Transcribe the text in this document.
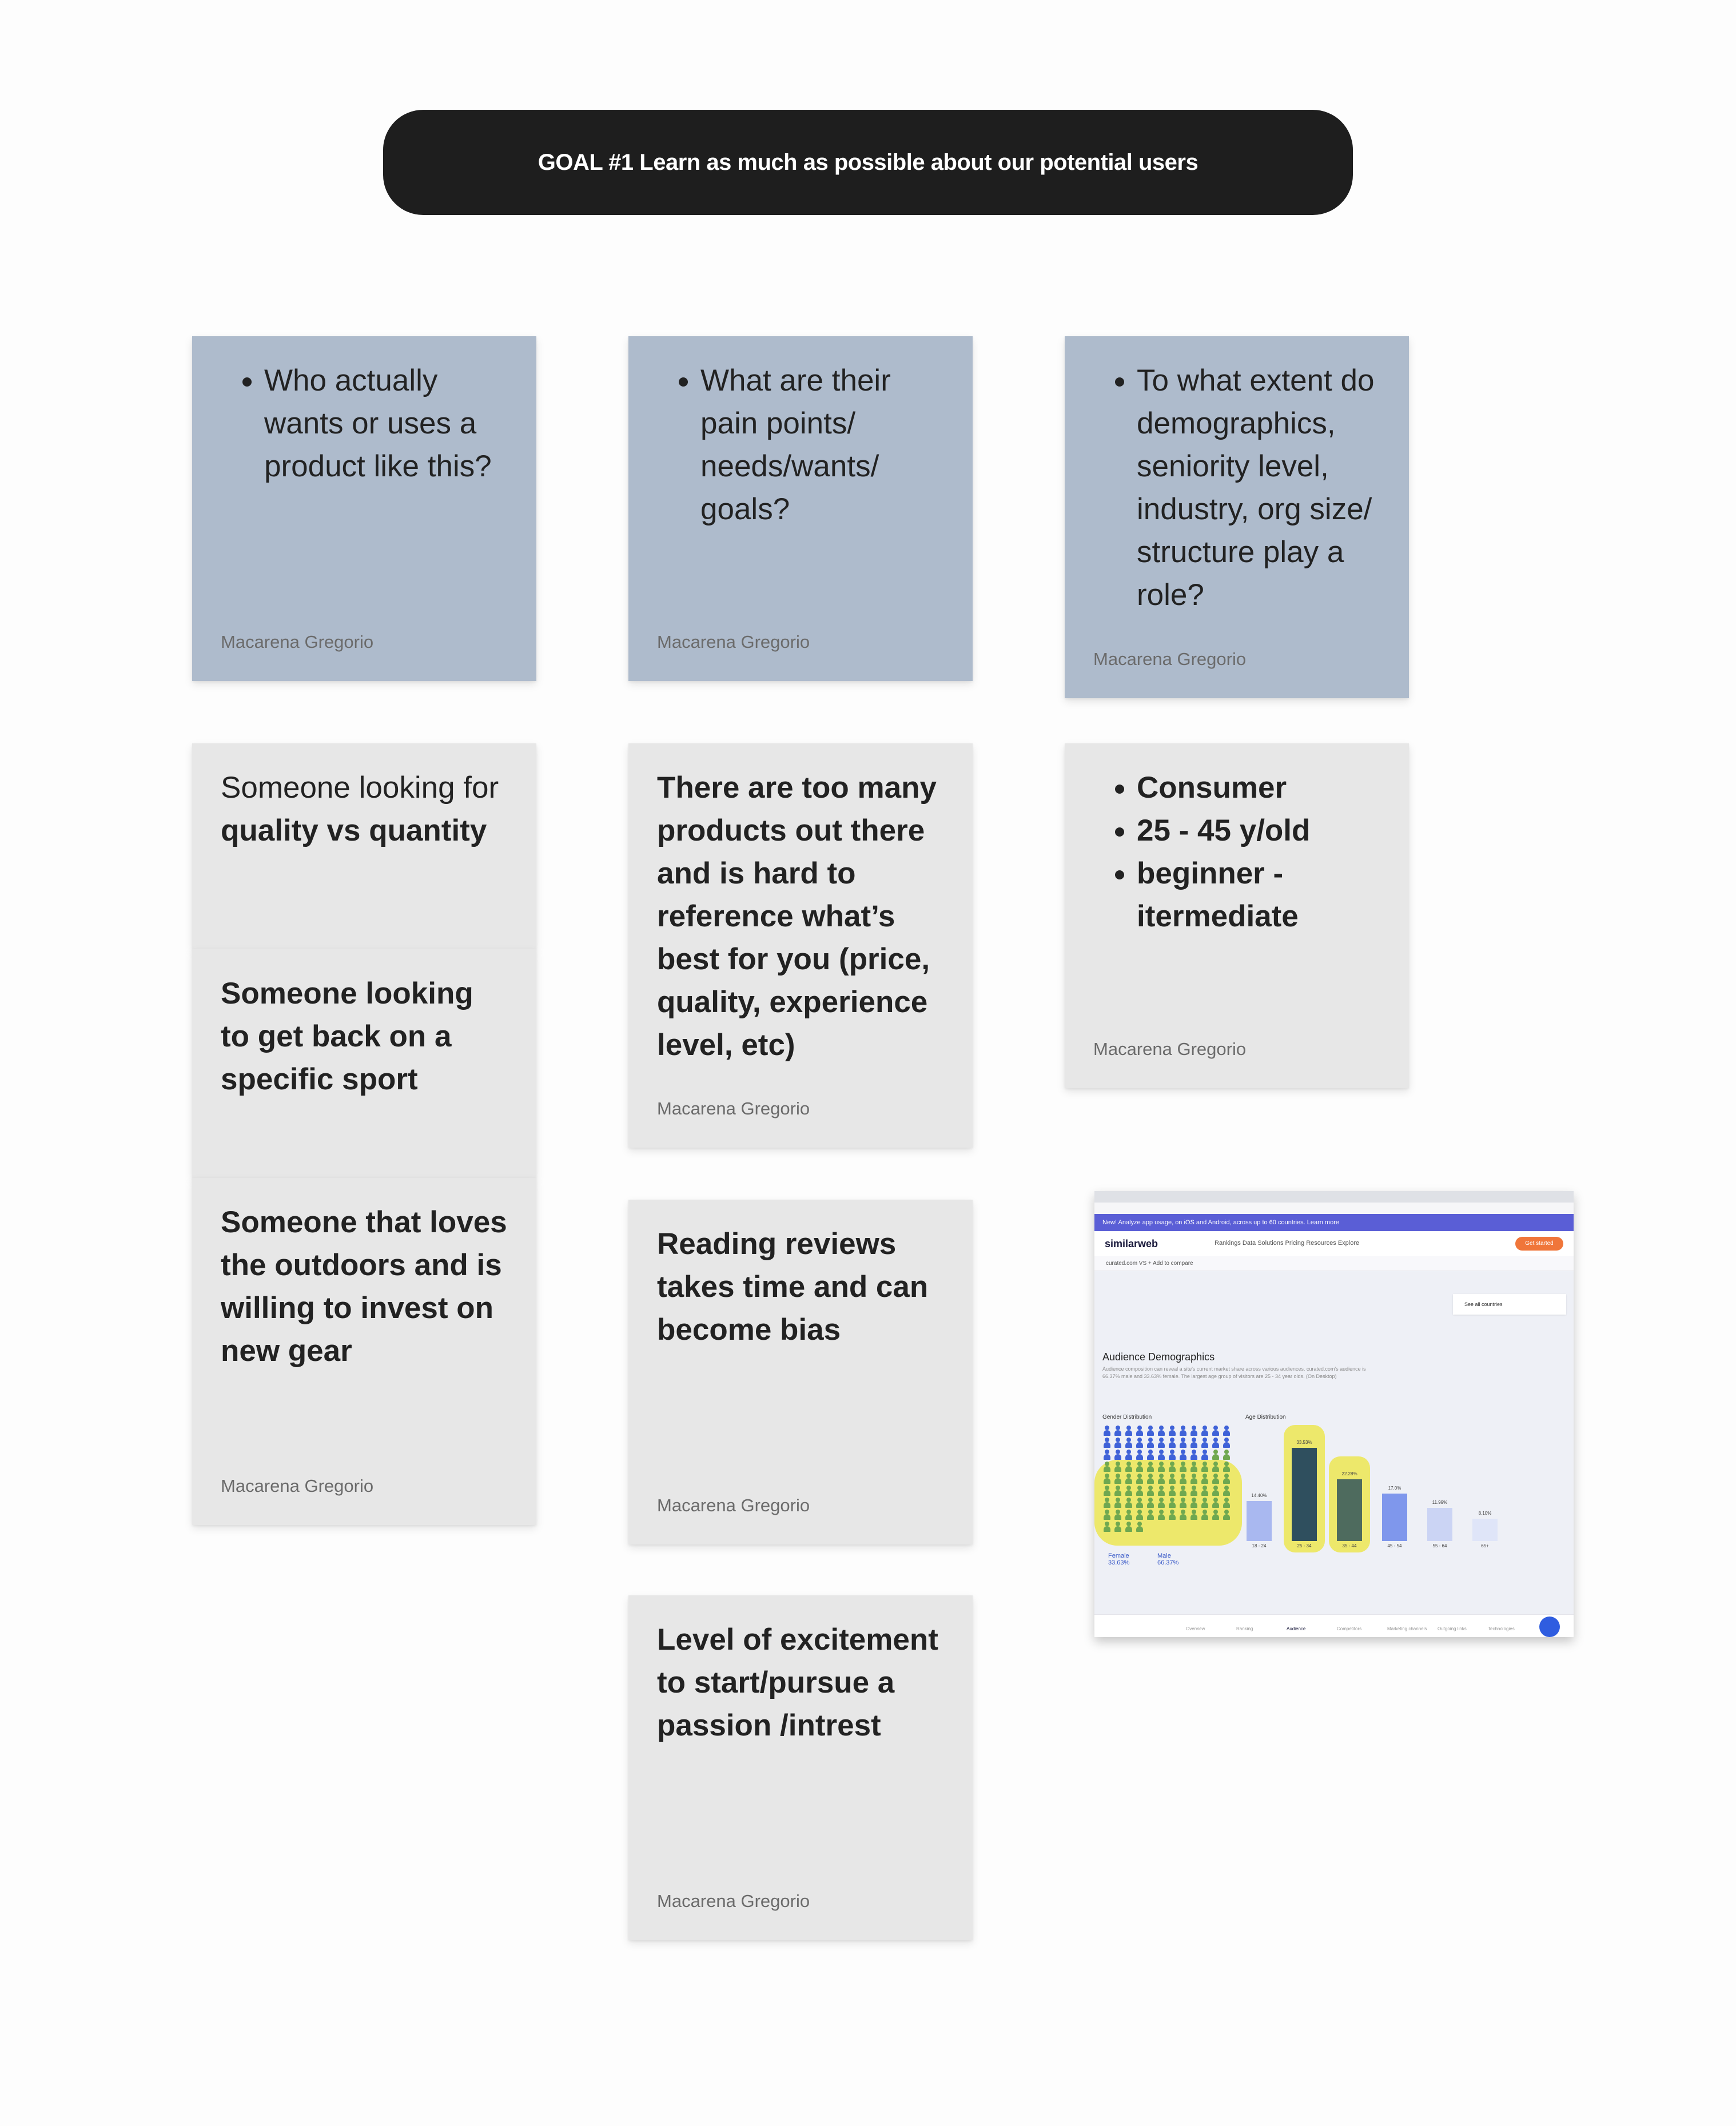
GOAL #1 Learn as much as possible about our potential users
• Who actually wants or uses a product like this?
Macarena Gregorio

Someone looking for quality vs quantity

Someone looking to get back on a specific sport

Someone that loves the outdoors and is willing to invest on new gear

Macarena Gregorio
• What are their pain points/ needs/wants/ goals?
Macarena Gregorio

There are too many products out there and is hard to reference what’s best for you (price, quality, experience level, etc)

Macarena Gregorio

Reading reviews takes time and can become bias

Macarena Gregorio

Level of excitement to start/pursue a passion /intrest

Macarena Gregorio
• To what extent do demographics, seniority level, industry, org size/ structure play a role?
Macarena Gregorio
• Consumer
• 25 - 45 y/old
• beginner - itermediate
Macarena Gregorio
New! Analyze app usage, on iOS and Android, across up to 60 countries. Learn more
similarweb	Rankings Data Solutions Pricing Resources Explore	Get started
curated.com VS + Add to compare
See all countries
Audience Demographics
Audience composition can reveal a site's current market share across various audiences. curated.com's audience is 66.37% male and 33.63% female. The largest age group of visitors are 25 - 34 year olds. (On Desktop)
Gender Distribution	Age Distribution
Female
33.63%
Male
66.37%
14.40%
18 - 24
33.53%
25 - 34
22.28%
35 - 44
17.0%
45 - 54
11.99%
55 - 64
8.10%
65+
Overview	Ranking	Audience	Competitors	Marketing channels Outgoing links	Technologies
